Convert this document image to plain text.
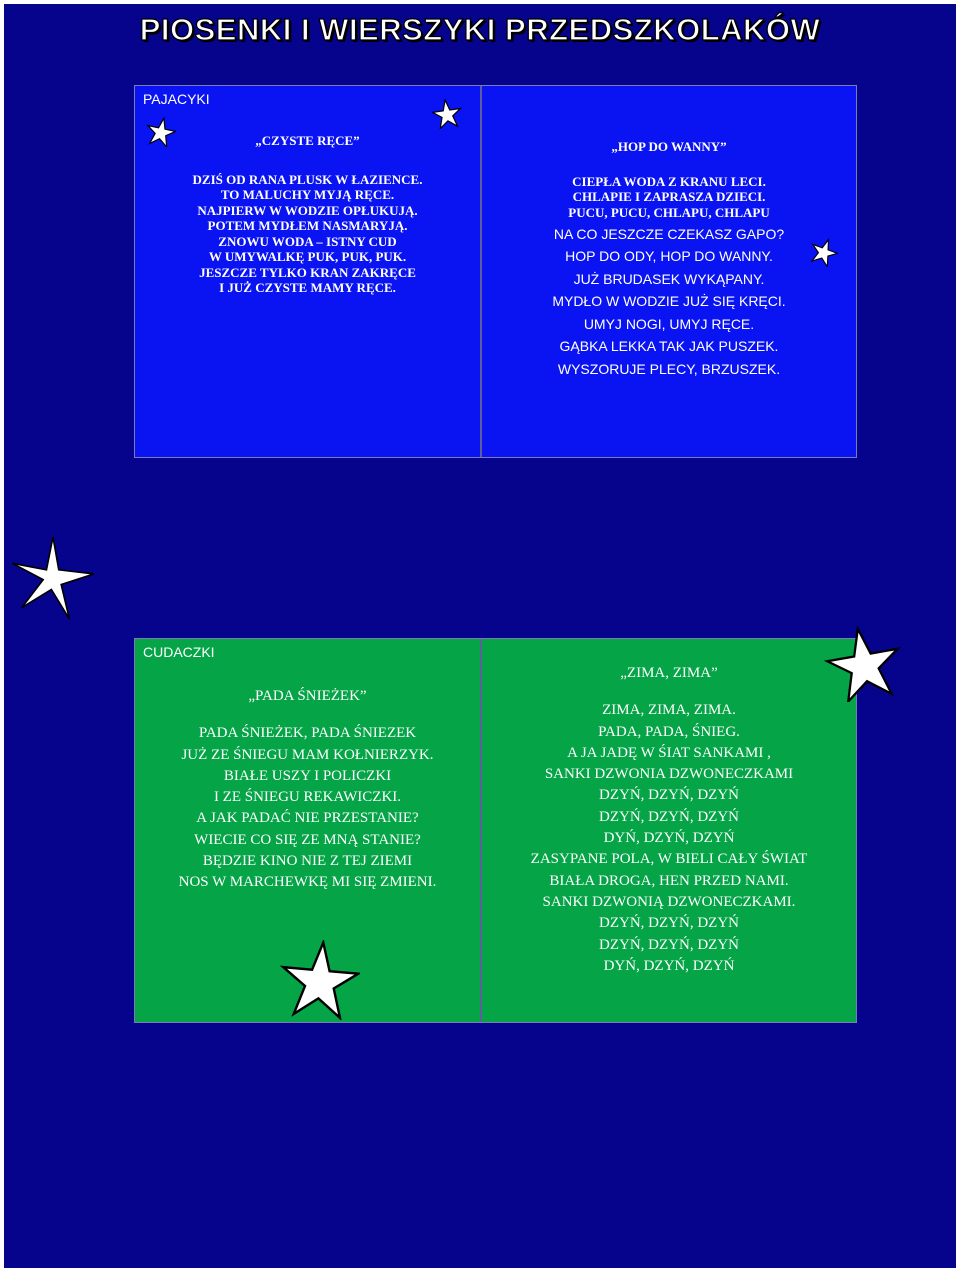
PIOSENKI I WIERSZYKI PRZEDSZKOLAKÓW
PAJACYKI
„CZYSTE RĘCE”
DZIŚ OD RANA PLUSK W ŁAZIENCE.
TO MALUCHY MYJĄ RĘCE.
NAJPIERW W WODZIE OPŁUKUJĄ.
POTEM MYDŁEM NASMARYJĄ.
ZNOWU WODA – ISTNY CUD
W UMYWALKĘ PUK, PUK, PUK.
JESZCZE TYLKO KRAN ZAKRĘCE
I JUŻ CZYSTE MAMY RĘCE.
„HOP DO WANNY”
CIEPŁA WODA Z KRANU LECI.
CHLAPIE I ZAPRASZA DZIECI.
PUCU, PUCU, CHLAPU, CHLAPU
NA CO JESZCZE CZEKASZ GAPO?
HOP DO ODY, HOP DO WANNY.
JUŻ BRUDASEK WYKĄPANY.
MYDŁO W WODZIE JUŻ SIĘ KRĘCI.
UMYJ NOGI, UMYJ RĘCE.
GĄBKA LEKKA TAK JAK PUSZEK.
WYSZORUJE PLECY, BRZUSZEK.
CUDACZKI
„PADA ŚNIEŻEK”
PADA ŚNIEŻEK, PADA ŚNIEZEK
JUŻ ZE ŚNIEGU MAM KOŁNIERZYK.
BIAŁE USZY I POLICZKI
I ZE ŚNIEGU REKAWICZKI.
A JAK PADAĆ NIE PRZESTANIE?
WIECIE CO SIĘ ZE MNĄ STANIE?
BĘDZIE KINO NIE Z TEJ ZIEMI
NOS W MARCHEWKĘ MI SIĘ ZMIENI.
„ZIMA, ZIMA”
ZIMA, ZIMA, ZIMA.
PADA, PADA, ŚNIEG.
A JA JADĘ W ŚIAT SANKAMI ,
SANKI DZWONIA DZWONECZKAMI
DZYŃ, DZYŃ, DZYŃ
DZYŃ, DZYŃ, DZYŃ
DYŃ, DZYŃ, DZYŃ
ZASYPANE POLA, W BIELI CAŁY ŚWIAT
BIAŁA DROGA, HEN PRZED NAMI.
SANKI DZWONIĄ DZWONECZKAMI.
DZYŃ, DZYŃ, DZYŃ
DZYŃ, DZYŃ, DZYŃ
DYŃ, DZYŃ, DZYŃ
